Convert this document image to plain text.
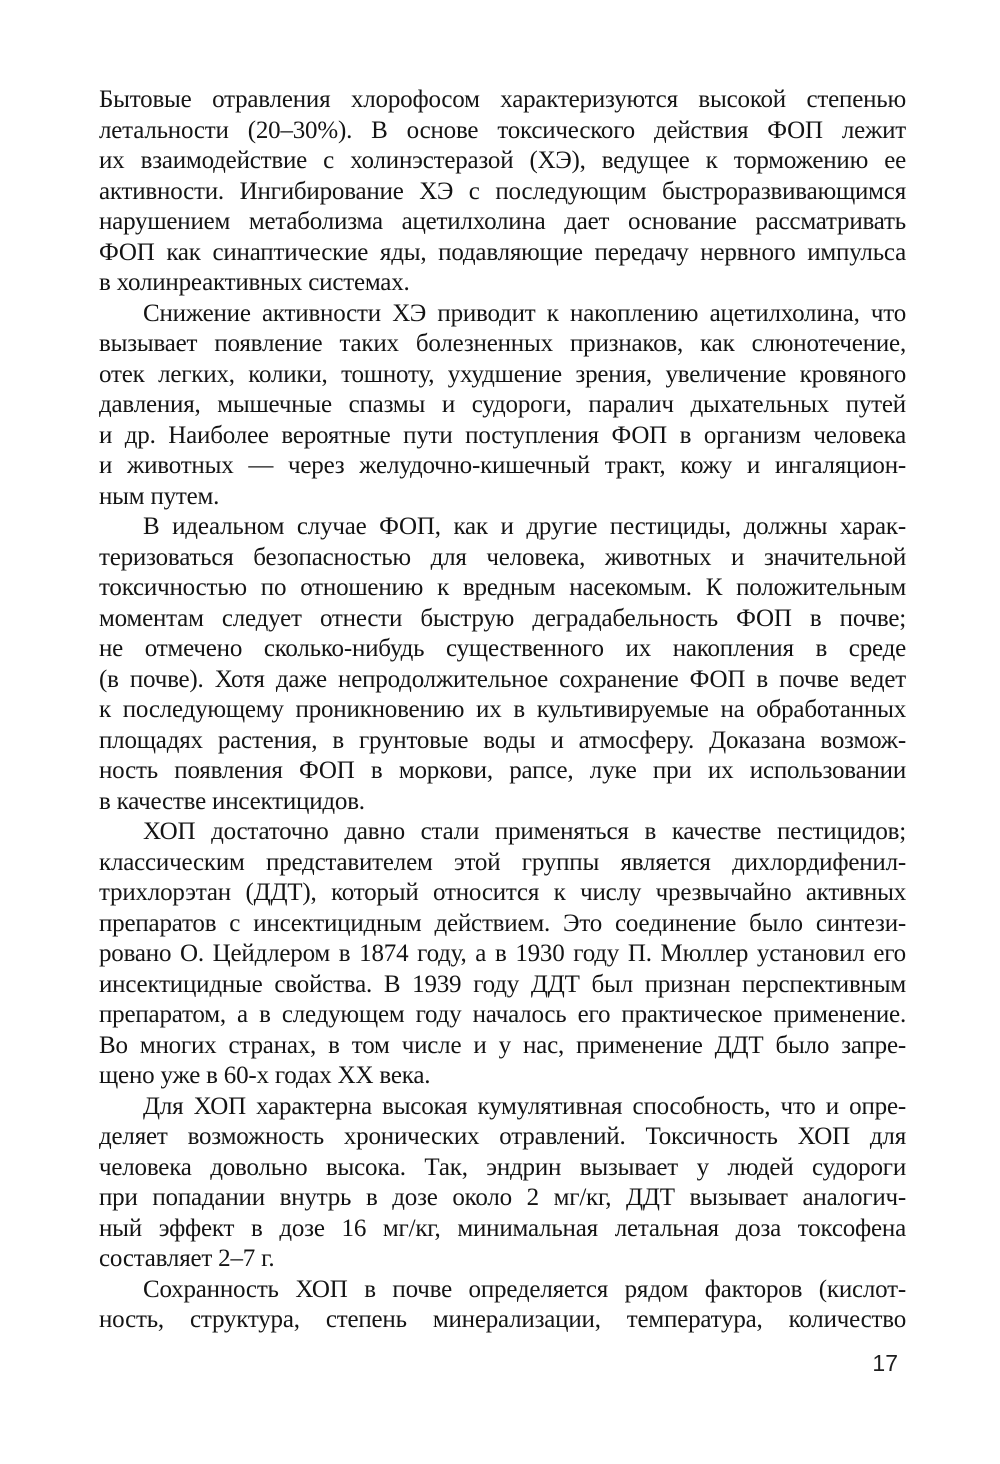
Бытовые отравления хлорофосом характеризуются высокой степенью
летальности (20–30%). В основе токсического действия ФОП лежит
их взаимодействие с холинэстеразой (ХЭ), ведущее к торможению ее
активности. Ингибирование ХЭ с последующим быстроразвивающимся
нарушением метаболизма ацетилхолина дает основание рассматривать
ФОП как синаптические яды, подавляющие передачу нервного импульса
в холинреактивных системах.

Снижение активности ХЭ приводит к накоплению ацетилхолина, что
вызывает появление таких болезненных признаков, как слюнотечение,
отек легких, колики, тошноту, ухудшение зрения, увеличение кровяного
давления, мышечные спазмы и судороги, паралич дыхательных путей
и др. Наиболее вероятные пути поступления ФОП в организм человека
и животных — через желудочно-кишечный тракт, кожу и ингаляцион-
ным путем.

В идеальном случае ФОП, как и другие пестициды, должны харак-
теризоваться безопасностью для человека, животных и значительной
токсичностью по отношению к вредным насекомым. К положительным
моментам следует отнести быструю деградабельность ФОП в почве;
не отмечено сколько-нибудь существенного их накопления в среде
(в почве). Хотя даже непродолжительное сохранение ФОП в почве ведет
к последующему проникновению их в культивируемые на обработанных
площадях растения, в грунтовые воды и атмосферу. Доказана возмож-
ность появления ФОП в моркови, рапсе, луке при их использовании
в качестве инсектицидов.

ХОП достаточно давно стали применяться в качестве пестицидов;
классическим представителем этой группы является дихлордифенил-
трихлорэтан (ДДТ), который относится к числу чрезвычайно активных
препаратов с инсектицидным действием. Это соединение было синтези-
ровано О. Цейдлером в 1874 году, а в 1930 году П. Мюллер установил его
инсектицидные свойства. В 1939 году ДДТ был признан перспективным
препаратом, а в следующем году началось его практическое применение.
Во многих странах, в том числе и у нас, применение ДДТ было запре-
щено уже в 60-х годах XX века.

Для ХОП характерна высокая кумулятивная способность, что и опре-
деляет возможность хронических отравлений. Токсичность ХОП для
человека довольно высока. Так, эндрин вызывает у людей судороги
при попадании внутрь в дозе около 2 мг/кг, ДДТ вызывает аналогич-
ный эффект в дозе 16 мг/кг, минимальная летальная доза токсофена
составляет 2–7 г.

Сохранность ХОП в почве определяется рядом факторов (кислот-
ность, структура, степень минерализации, температура, количество

17
